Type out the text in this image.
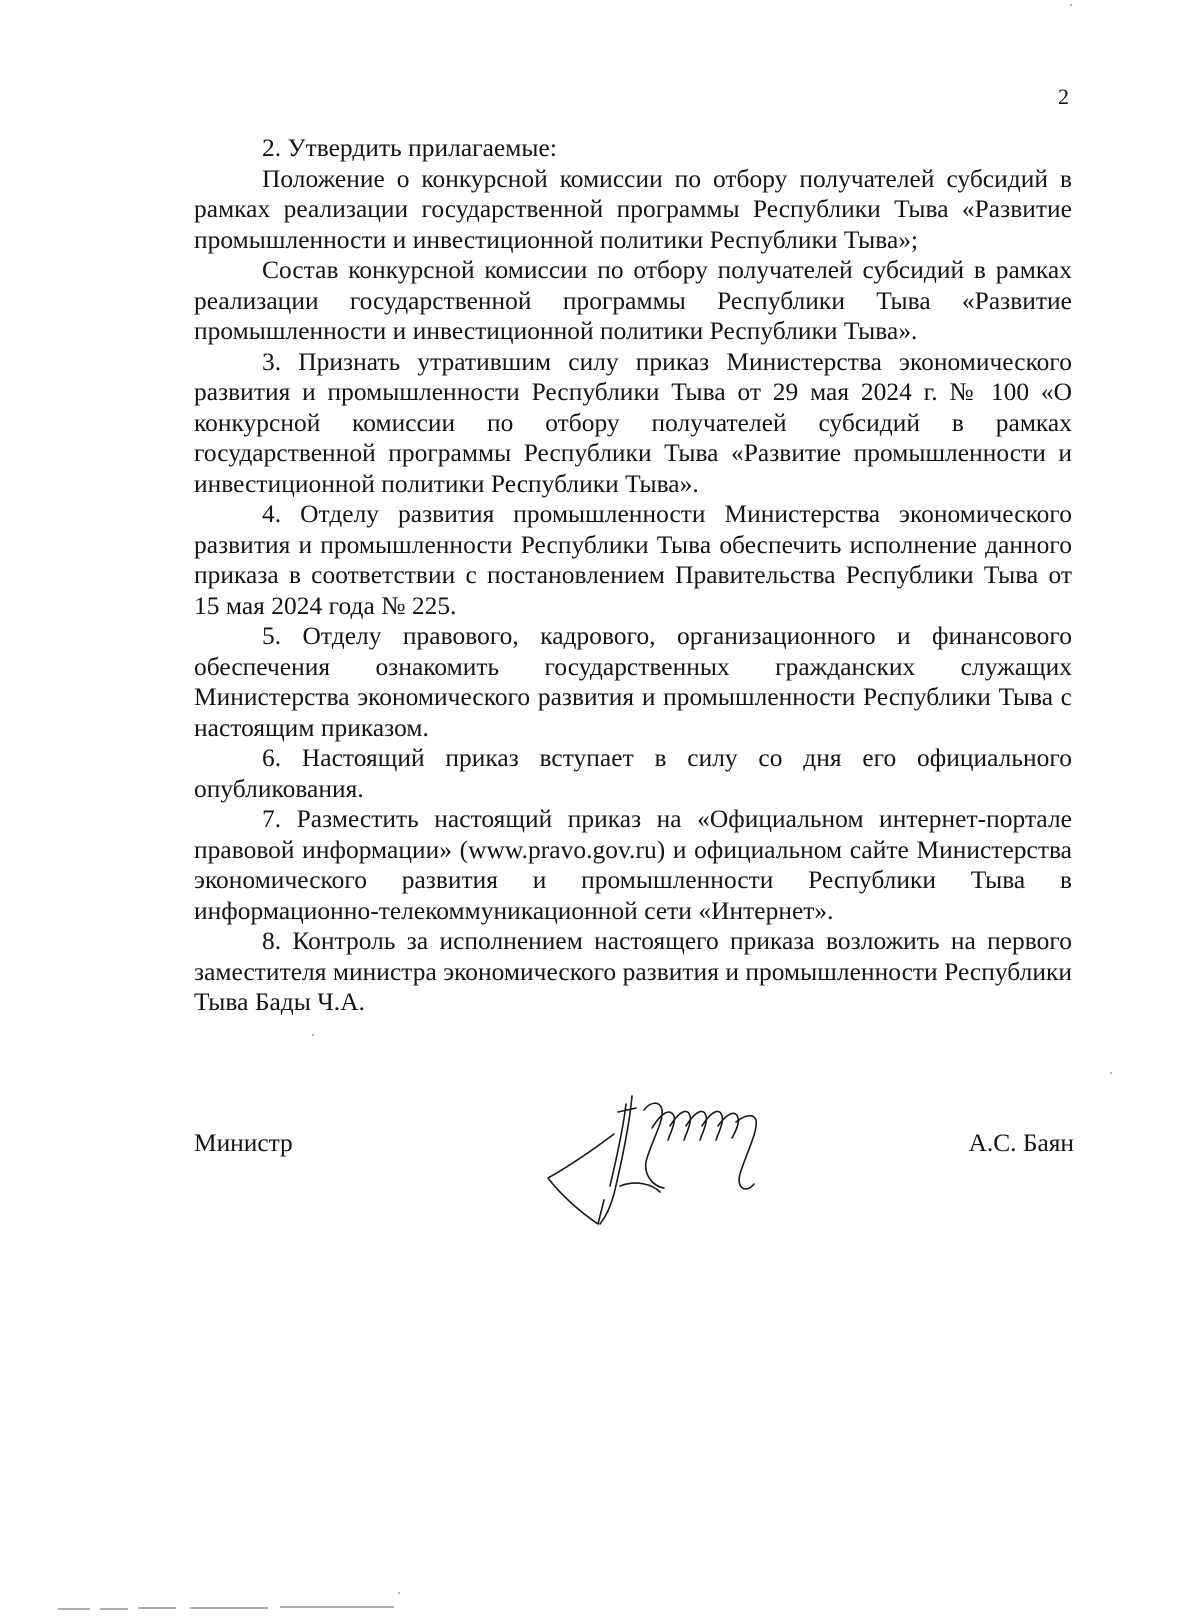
2

2. Утвердить прилагаемые:

Положение о конкурсной комиссии по отбору получателей субсидий в рамках реализации государственной программы Республики Тыва «Развитие промышленности и инвестиционной политики Республики Тыва»;

Состав конкурсной комиссии по отбору получателей субсидий в рамках реализации государственной программы Республики Тыва «Развитие промышленности и инвестиционной политики Республики Тыва».

3. Признать утратившим силу приказ Министерства экономического развития и промышленности Республики Тыва от 29 мая 2024 г. № 100 «О конкурсной комиссии по отбору получателей субсидий в рамках государственной программы Республики Тыва «Развитие промышленности и инвестиционной политики Республики Тыва».

4. Отделу развития промышленности Министерства экономического развития и промышленности Республики Тыва обеспечить исполнение данного приказа в соответствии с постановлением Правительства Республики Тыва от 15 мая 2024 года № 225.

5. Отделу правового, кадрового, организационного и финансового обеспечения ознакомить государственных гражданских служащих Министерства экономического развития и промышленности Республики Тыва с настоящим приказом.

6. Настоящий приказ вступает в силу со дня его официального опубликования.

7. Разместить настоящий приказ на «Официальном интернет-портале правовой информации» (www.pravo.gov.ru) и официальном сайте Министерства экономического развития и промышленности Республики Тыва в информационно-телекоммуникационной сети «Интернет».

8. Контроль за исполнением настоящего приказа возложить на первого заместителя министра экономического развития и промышленности Республики Тыва Бады Ч.А.

Министр	А.С. Баян
